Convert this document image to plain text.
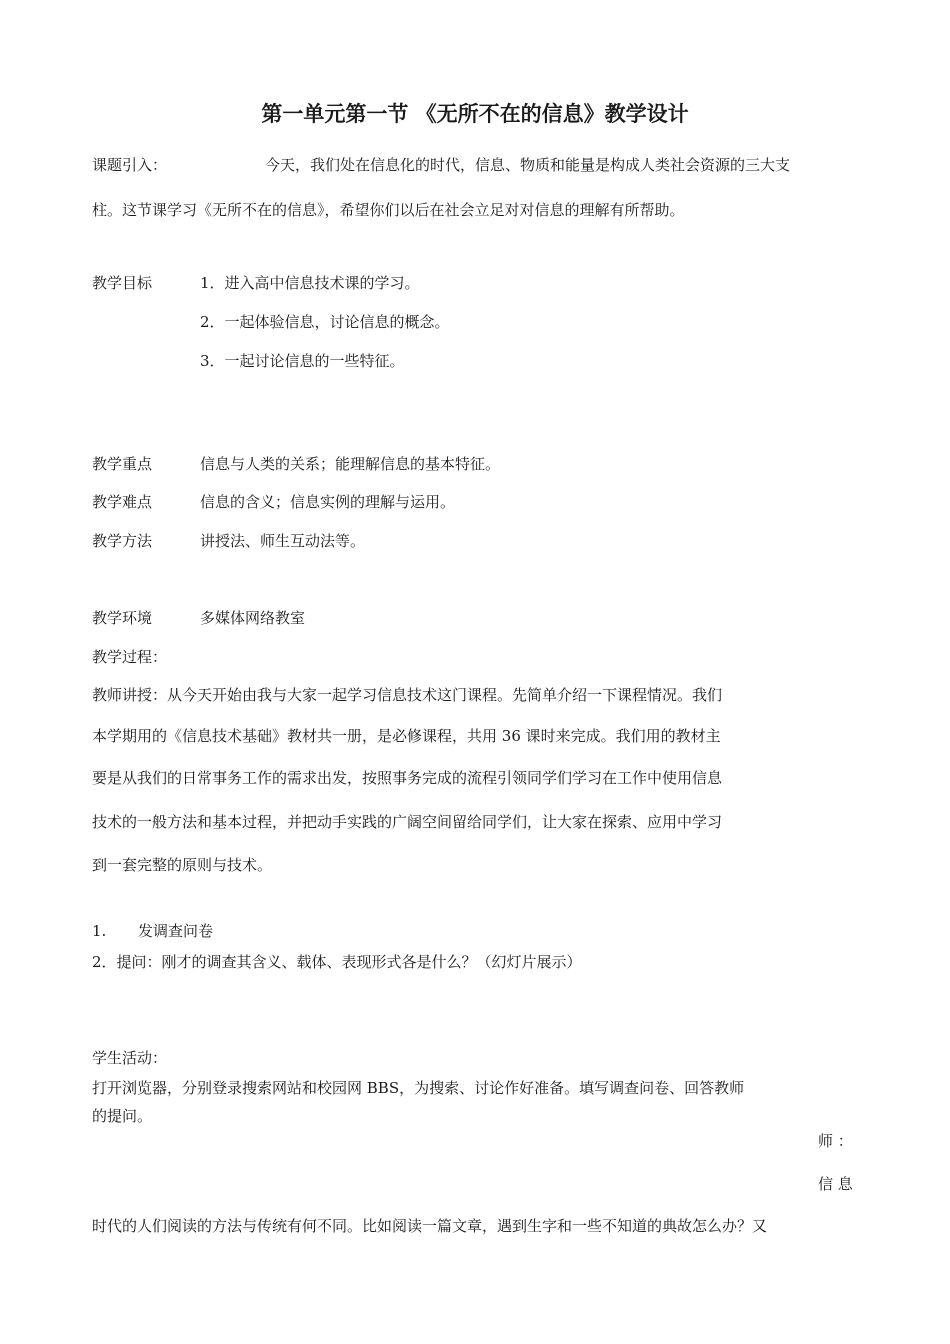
第一单元第一节 《无所不在的信息》教学设计
课题引入：	今天，我们处在信息化的时代，信息、物质和能量是构成人类社会资源的三大支
柱。这节课学习《无所不在的信息》，希望你们以后在社会立足对对信息的理解有所帮助。
教学目标	1．进入高中信息技术课的学习。
2．一起体验信息，讨论信息的概念。
3．一起讨论信息的一些特征。
教学重点	信息与人类的关系；能理解信息的基本特征。
教学难点	信息的含义；信息实例的理解与运用。
教学方法	讲授法、师生互动法等。
教学环境	多媒体网络教室
教学过程：
教师讲授：从今天开始由我与大家一起学习信息技术这门课程。先简单介绍一下课程情况。我们
本学期用的《信息技术基础》教材共一册，是必修课程，共用 36 课时来完成。我们用的教材主
要是从我们的日常事务工作的需求出发，按照事务完成的流程引领同学们学习在工作中使用信息
技术的一般方法和基本过程，并把动手实践的广阔空间留给同学们，让大家在探索、应用中学习
到一套完整的原则与技术。
1. 发调查问卷
2．提问：刚才的调查其含义、载体、表现形式各是什么？（幻灯片展示）
学生活动：
打开浏览器，分别登录搜索网站和校园网 BBS，为搜索、讨论作好准备。填写调查问卷、回答教师
的提问。
师 ：
信 息
时代的人们阅读的方法与传统有何不同。比如阅读一篇文章，遇到生字和一些不知道的典故怎么办？又
